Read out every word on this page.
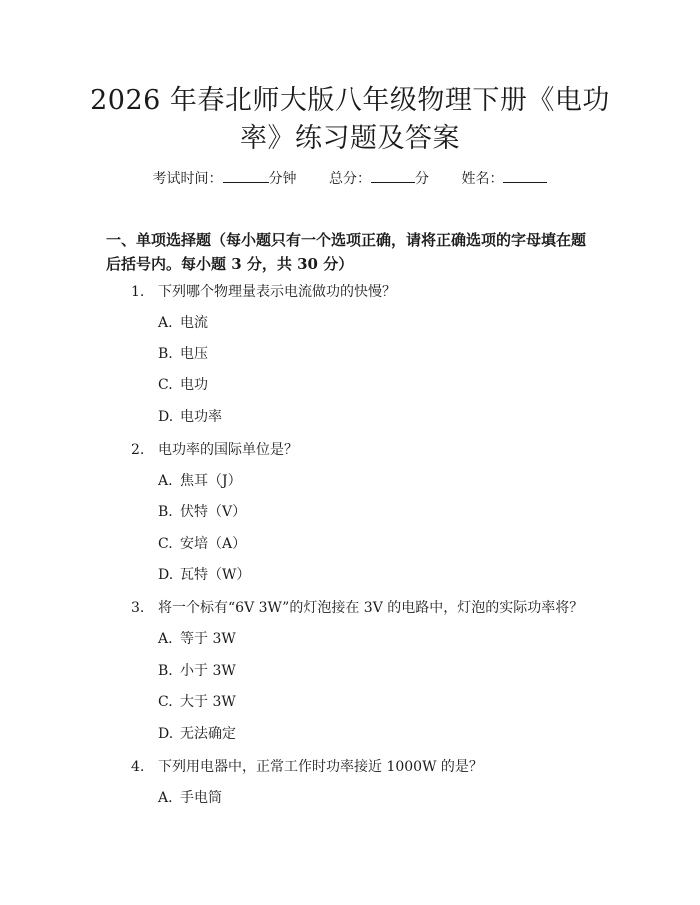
2026 年春北师大版八年级物理下册《电功
率》练习题及答案
考试时间：	分钟 总分：	分 姓名：
一、单项选择题（每小题只有一个选项正确，请将正确选项的字母填在题后括号内。每小题 3 分，共 30 分）
1. 下列哪个物理量表示电流做功的快慢？
A. 电流
B. 电压
C. 电功
D. 电功率
2. 电功率的国际单位是？
A. 焦耳（J）
B. 伏特（V）
C. 安培（A）
D. 瓦特（W）
3. 将一个标有“6V 3W”的灯泡接在 3V 的电路中，灯泡的实际功率将？
A. 等于 3W
B. 小于 3W
C. 大于 3W
D. 无法确定
4. 下列用电器中，正常工作时功率接近 1000W 的是？
A. 手电筒
